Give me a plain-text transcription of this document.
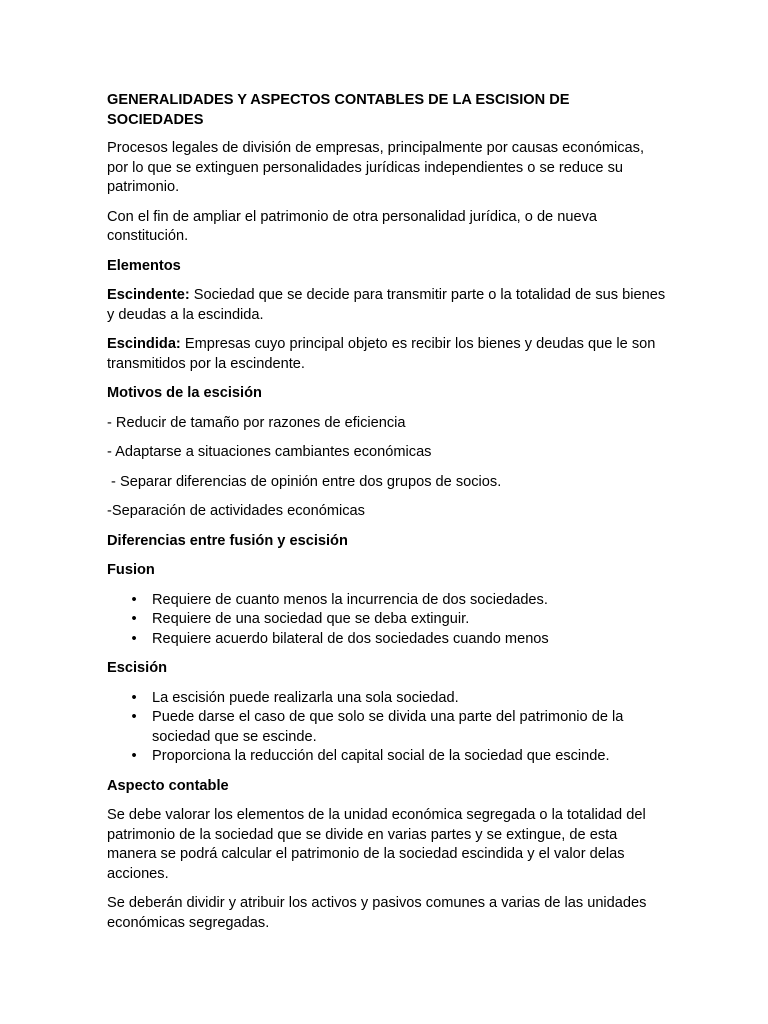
GENERALIDADES Y ASPECTOS CONTABLES DE LA ESCISION DE SOCIEDADES

Procesos legales de división de empresas, principalmente por causas económicas, por lo que se extinguen personalidades jurídicas independientes o se reduce su patrimonio.

Con el fin de ampliar el patrimonio de otra personalidad jurídica, o de nueva constitución.

Elementos

Escindente: Sociedad que se decide para transmitir parte o la totalidad de sus bienes y deudas a la escindida.

Escindida: Empresas cuyo principal objeto es recibir los bienes y deudas que le son transmitidos por la escindente.

Motivos de la escisión
- Reducir de tamaño por razones de eficiencia
- Adaptarse a situaciones cambiantes económicas
- Separar diferencias de opinión entre dos grupos de socios.
-Separación de actividades económicas
Diferencias entre fusión y escisión
Fusion
• Requiere de cuanto menos la incurrencia de dos sociedades.
• Requiere de una sociedad que se deba extinguir.
• Requiere acuerdo bilateral de dos sociedades cuando menos
Escisión
• La escisión puede realizarla una sola sociedad.
• Puede darse el caso de que solo se divida una parte del patrimonio de la sociedad que se escinde.
• Proporciona la reducción del capital social de la sociedad que escinde.
Aspecto contable

Se debe valorar los elementos de la unidad económica segregada o la totalidad del patrimonio de la sociedad que se divide en varias partes y se extingue, de esta manera se podrá calcular el patrimonio de la sociedad escindida y el valor delas acciones.

Se deberán dividir y atribuir los activos y pasivos comunes a varias de las unidades económicas segregadas.
